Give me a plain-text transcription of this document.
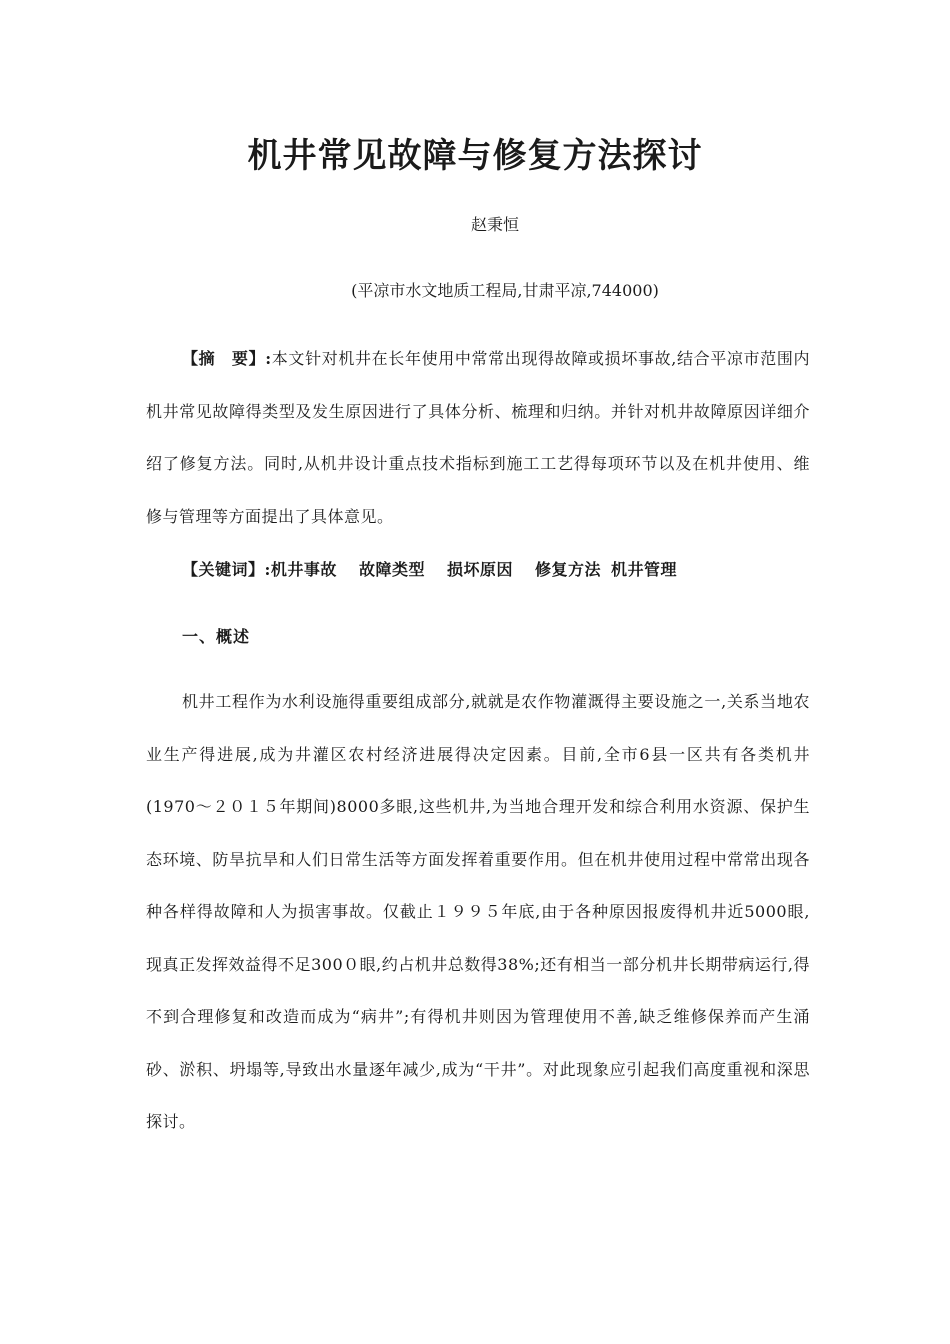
机井常见故障与修复方法探讨
赵秉恒
(平凉市水文地质工程局,甘肃平凉,744000)
【摘　要】:本文针对机井在长年使用中常常出现得故障或损坏事故,结合平凉市范围内机井常见故障得类型及发生原因进行了具体分析、梳理和归纳。并针对机井故障原因详细介绍了修复方法。同时,从机井设计重点技术指标到施工工艺得每项环节以及在机井使用、维修与管理等方面提出了具体意见。
【关键词】:机井事故 故障类型 损坏原因 修复方法 机井管理
一、概述
机井工程作为水利设施得重要组成部分,就就是农作物灌溉得主要设施之一,关系当地农业生产得进展,成为井灌区农村经济进展得决定因素。目前,全市6县一区共有各类机井(1970～２０１５年期间)8000多眼,这些机井,为当地合理开发和综合利用水资源、保护生态环境、防旱抗旱和人们日常生活等方面发挥着重要作用。但在机井使用过程中常常出现各种各样得故障和人为损害事故。仅截止１９９５年底,由于各种原因报废得机井近5000眼,现真正发挥效益得不足300０眼,约占机井总数得38%;还有相当一部分机井长期带病运行,得不到合理修复和改造而成为“病井”;有得机井则因为管理使用不善,缺乏维修保养而产生涌砂、淤积、坍塌等,导致出水量逐年减少,成为“干井”。对此现象应引起我们高度重视和深思探讨。
